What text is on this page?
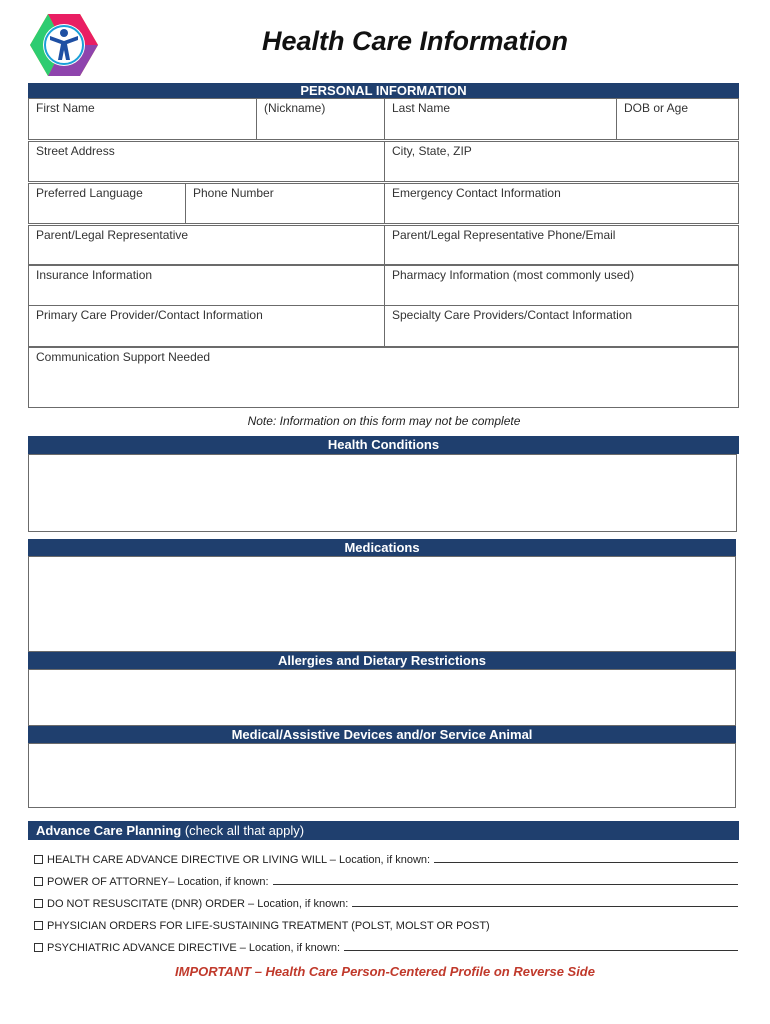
Health Care Information
PERSONAL INFORMATION
First Name	(Nickname)	Last Name	DOB or Age
Street Address	City, State, ZIP
Preferred Language	Phone Number	Emergency Contact Information
Parent/Legal Representative	Parent/Legal Representative Phone/Email
Insurance Information	Pharmacy Information (most commonly used)
Primary Care Provider/Contact Information	Specialty Care Providers/Contact Information
Communication Support Needed
Note: Information on this form may not be complete
Health Conditions
Medications
Allergies and Dietary Restrictions
Medical/Assistive Devices and/or Service Animal
Advance Care Planning (check all that apply)
HEALTH CARE ADVANCE DIRECTIVE OR LIVING WILL – Location, if known:
POWER OF ATTORNEY– Location, if known:
DO NOT RESUSCITATE (DNR) ORDER – Location, if known:
PHYSICIAN ORDERS FOR LIFE-SUSTAINING TREATMENT (POLST, MOLST OR POST)
PSYCHIATRIC ADVANCE DIRECTIVE – Location, if known:
IMPORTANT – Health Care Person-Centered Profile on Reverse Side
